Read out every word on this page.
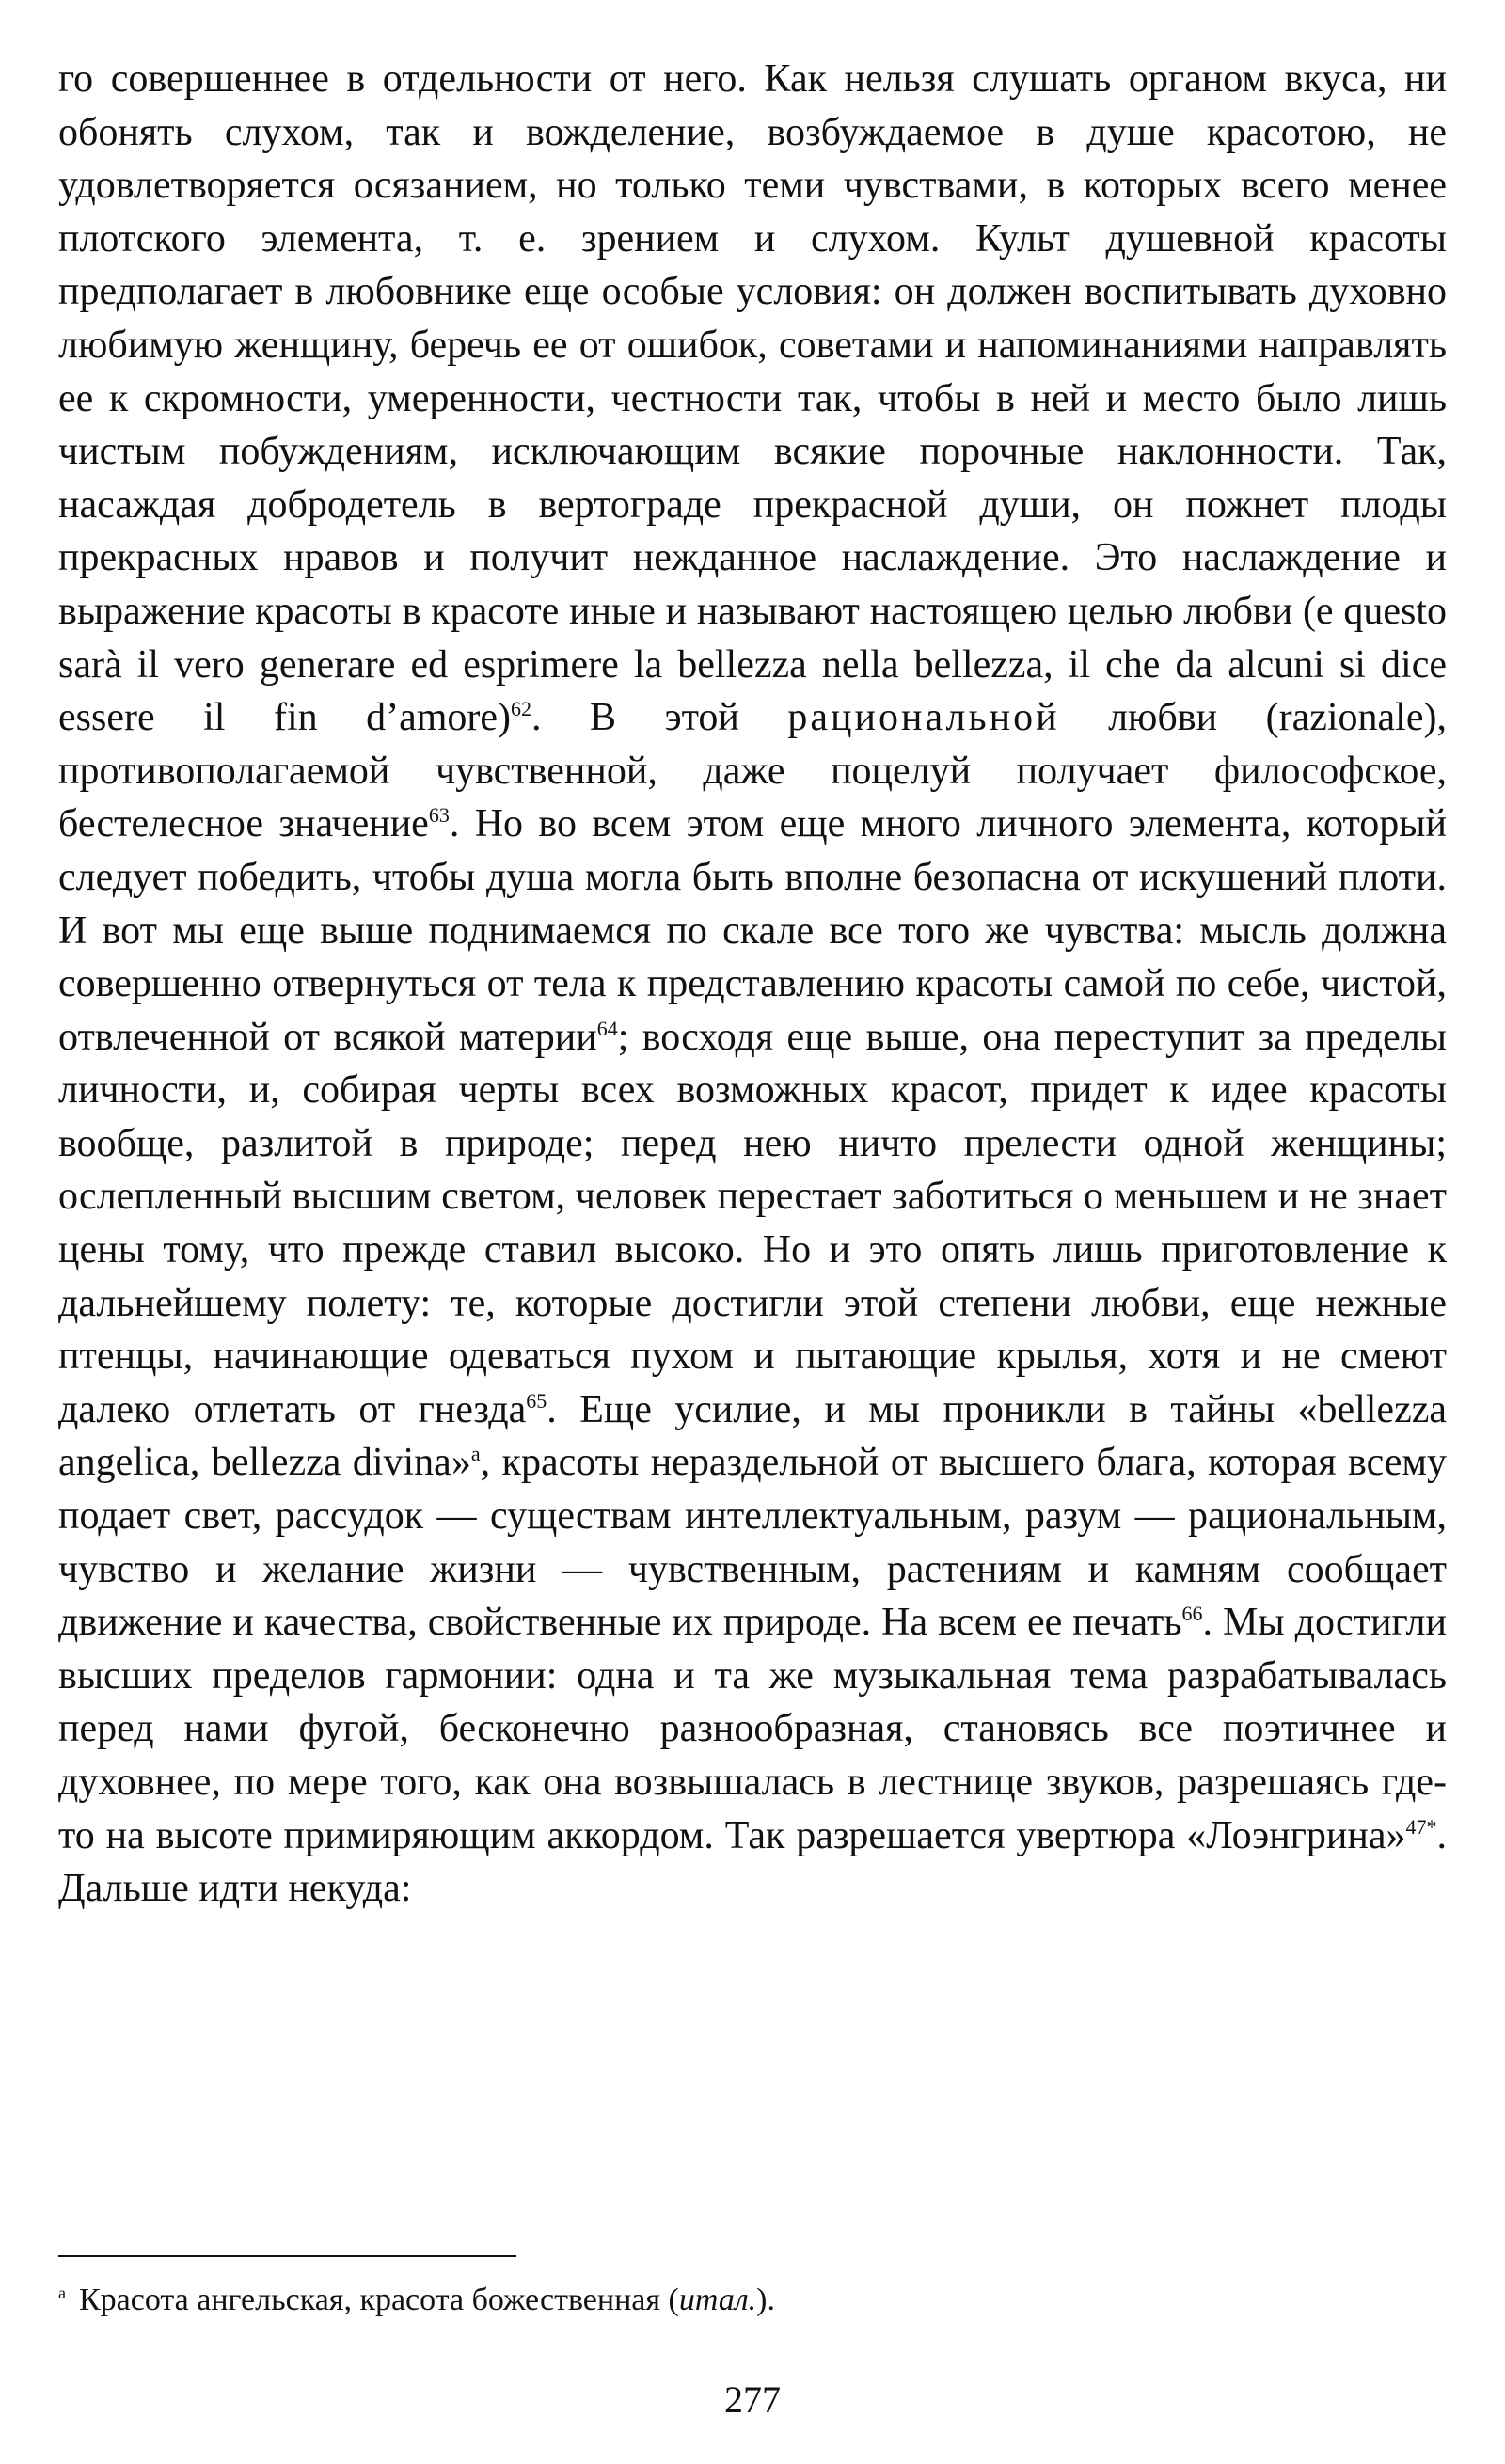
го совершеннее в отдельности от него. Как нельзя слушать органом вкуса, ни обонять слухом, так и вожделение, возбуждаемое в душе красотою, не удовлетворяется осязанием, но только теми чувствами, в которых всего менее плотского элемента, т. е. зрением и слухом. Культ душевной красоты предполагает в любовнике еще особые условия: он должен воспитывать духовно любимую женщину, беречь ее от ошибок, советами и напоминаниями направлять ее к скромности, умеренности, честности так, чтобы в ней и место было лишь чистым побуждениям, исключающим всякие порочные наклонности. Так, насаждая добродетель в вертограде прекрасной души, он пожнет плоды прекрасных нравов и получит нежданное наслаждение. Это наслаждение и выражение красоты в красоте иные и называют настоящею целью любви (e questo sarà il vero generare ed esprimere la bellezza nella bellezza, il che da alcuni si dice essere il fin d’amore)$^{62}$. В этой рациональной любви (razionale), противополагаемой чувственной, даже поцелуй получает философское, бестелесное значение$^{63}$. Но во всем этом еще много личного элемента, который следует победить, чтобы душа могла быть вполне безопасна от искушений плоти. И вот мы еще выше поднимаемся по скале все того же чувства: мысль должна совершенно отвернуться от тела к представлению красоты самой по себе, чистой, отвлеченной от всякой материи$^{64}$; восходя еще выше, она переступит за пределы личности, и, собирая черты всех возможных красот, придет к идее красоты вообще, разлитой в природе; перед нею ничто прелести одной женщины; ослепленный высшим светом, человек перестает заботиться о меньшем и не знает цены тому, что прежде ставил высоко. Но и это опять лишь приготовление к дальнейшему полету: те, которые достигли этой степени любви, еще нежные птенцы, начинающие одеваться пухом и пытающие крылья, хотя и не смеют далеко отлетать от гнезда$^{65}$. Еще усилие, и мы проникли в тайны «bellezza angelica, bellezza divina»$^a$, красоты нераздельной от высшего блага, которая всему подает свет, рассудок — существам интеллектуальным, разум — рациональным, чувство и желание жизни — чувственным, растениям и камням сообщает движение и качества, свойственные их природе. На всем ее печать$^{66}$. Мы достигли высших пределов гармонии: одна и та же музыкальная тема разрабатывалась перед нами фугой, бесконечно разнообразная, становясь все поэтичнее и духовнее, по мере того, как она возвышалась в лестнице звуков, разрешаясь где-то на высоте примиряющим аккордом. Так разрешается увертюра «Лоэнгрина»$^{47*}$. Дальше идти некуда:

$^a$ Красота ангельская, красота божественная (итал.).

277
